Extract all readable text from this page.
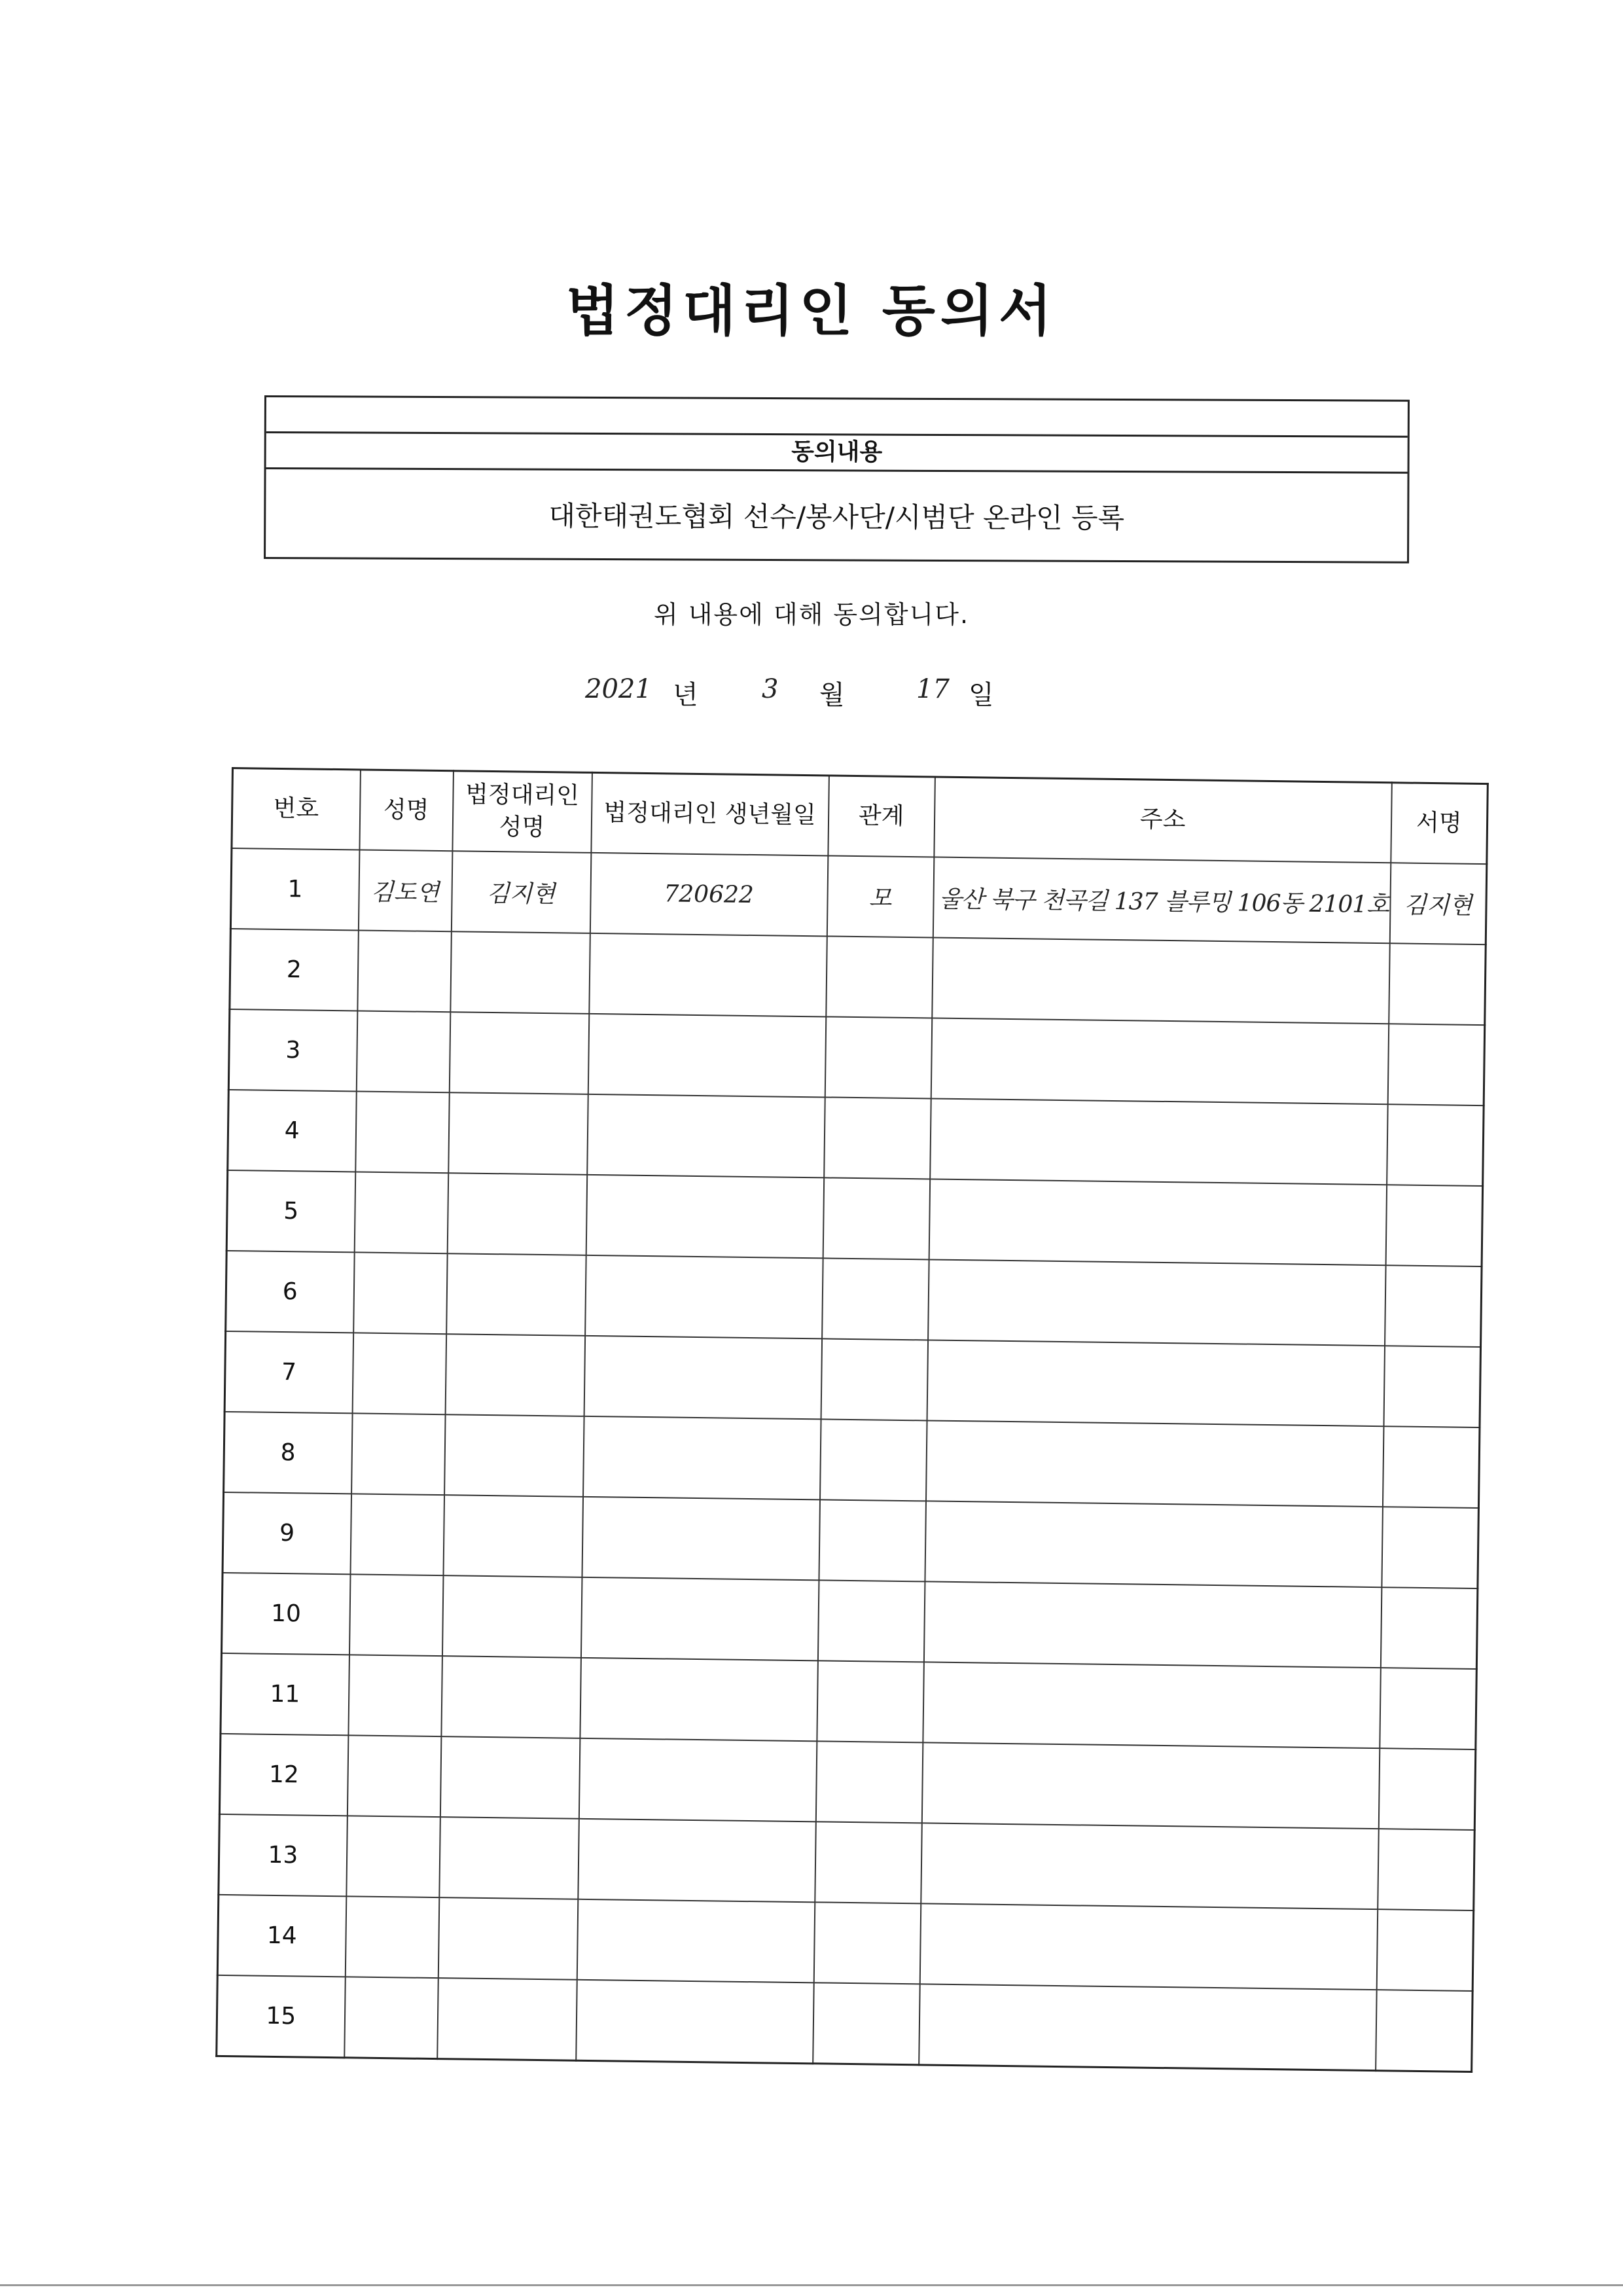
법정대리인 동의서
동의내용
대한태권도협회 선수/봉사단/시범단 온라인 등록
위 내용에 대해 동의합니다.
2021 년 3 월	17 일
번호	성명	법정대리인 성명	법정대리인 생년월일	관계	주소	서명
1	김도연	김지현	720622	모	울산 북구 천곡길 137 블루밍 106동 2101호	김지현
2						
3						
4						
5						
6						
7						
8						
9						
10						
11						
12						
13						
14						
15						
